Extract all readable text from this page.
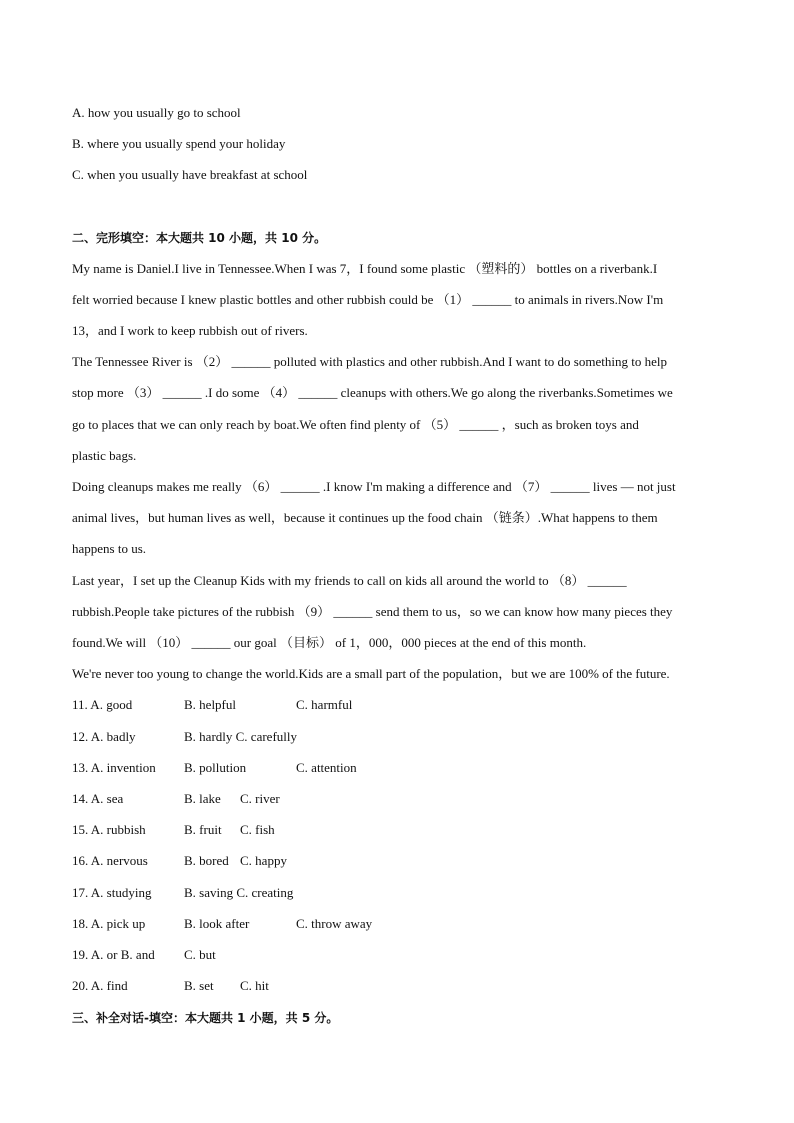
A. how you usually go to school
B. where you usually spend your holiday
C. when you usually have breakfast at school
二、完形填空：本大题共 10 小题，共 10 分。
My name is Daniel.I live in Tennessee.When I was 7，I found some plastic （塑料的） bottles on a riverbank.I
felt worried because I knew plastic bottles and other rubbish could be （1） ______ to animals in rivers.Now I'm
13，and I work to keep rubbish out of rivers.
The Tennessee River is （2） ______ polluted with plastics and other rubbish.And I want to do something to help
stop more （3） ______ .I do some （4） ______ cleanups with others.We go along the riverbanks.Sometimes we
go to places that we can only reach by boat.We often find plenty of （5） ______ ，such as broken toys and
plastic bags.
Doing cleanups makes me really （6） ______ .I know I'm making a difference and （7） ______ lives — not just
animal lives，but human lives as well，because it continues up the food chain （链条）.What happens to them
happens to us.
Last year，I set up the Cleanup Kids with my friends to call on kids all around the world to （8） ______
rubbish.People take pictures of the rubbish （9） ______ send them to us，so we can know how many pieces they
found.We will （10） ______ our goal （目标） of 1，000，000 pieces at the end of this month.
We're never too young to change the world.Kids are a small part of the population，but we are 100% of the future.
11. A. good	B. helpful	C. harmful
12. A. badly	B. hardly C. carefully
13. A. invention B. pollution	C. attention
14. A. sea	B. lake C. river
15. A. rubbish	B. fruit C. fish
16. A. nervous	B. bored C. happy
17. A. studying	B. saving C. creating
18. A. pick up	B. look after	C. throw away
19. A. or B. and C. but
20. A. find	B. set C. hit
三、补全对话-填空：本大题共 1 小题，共 5 分。
